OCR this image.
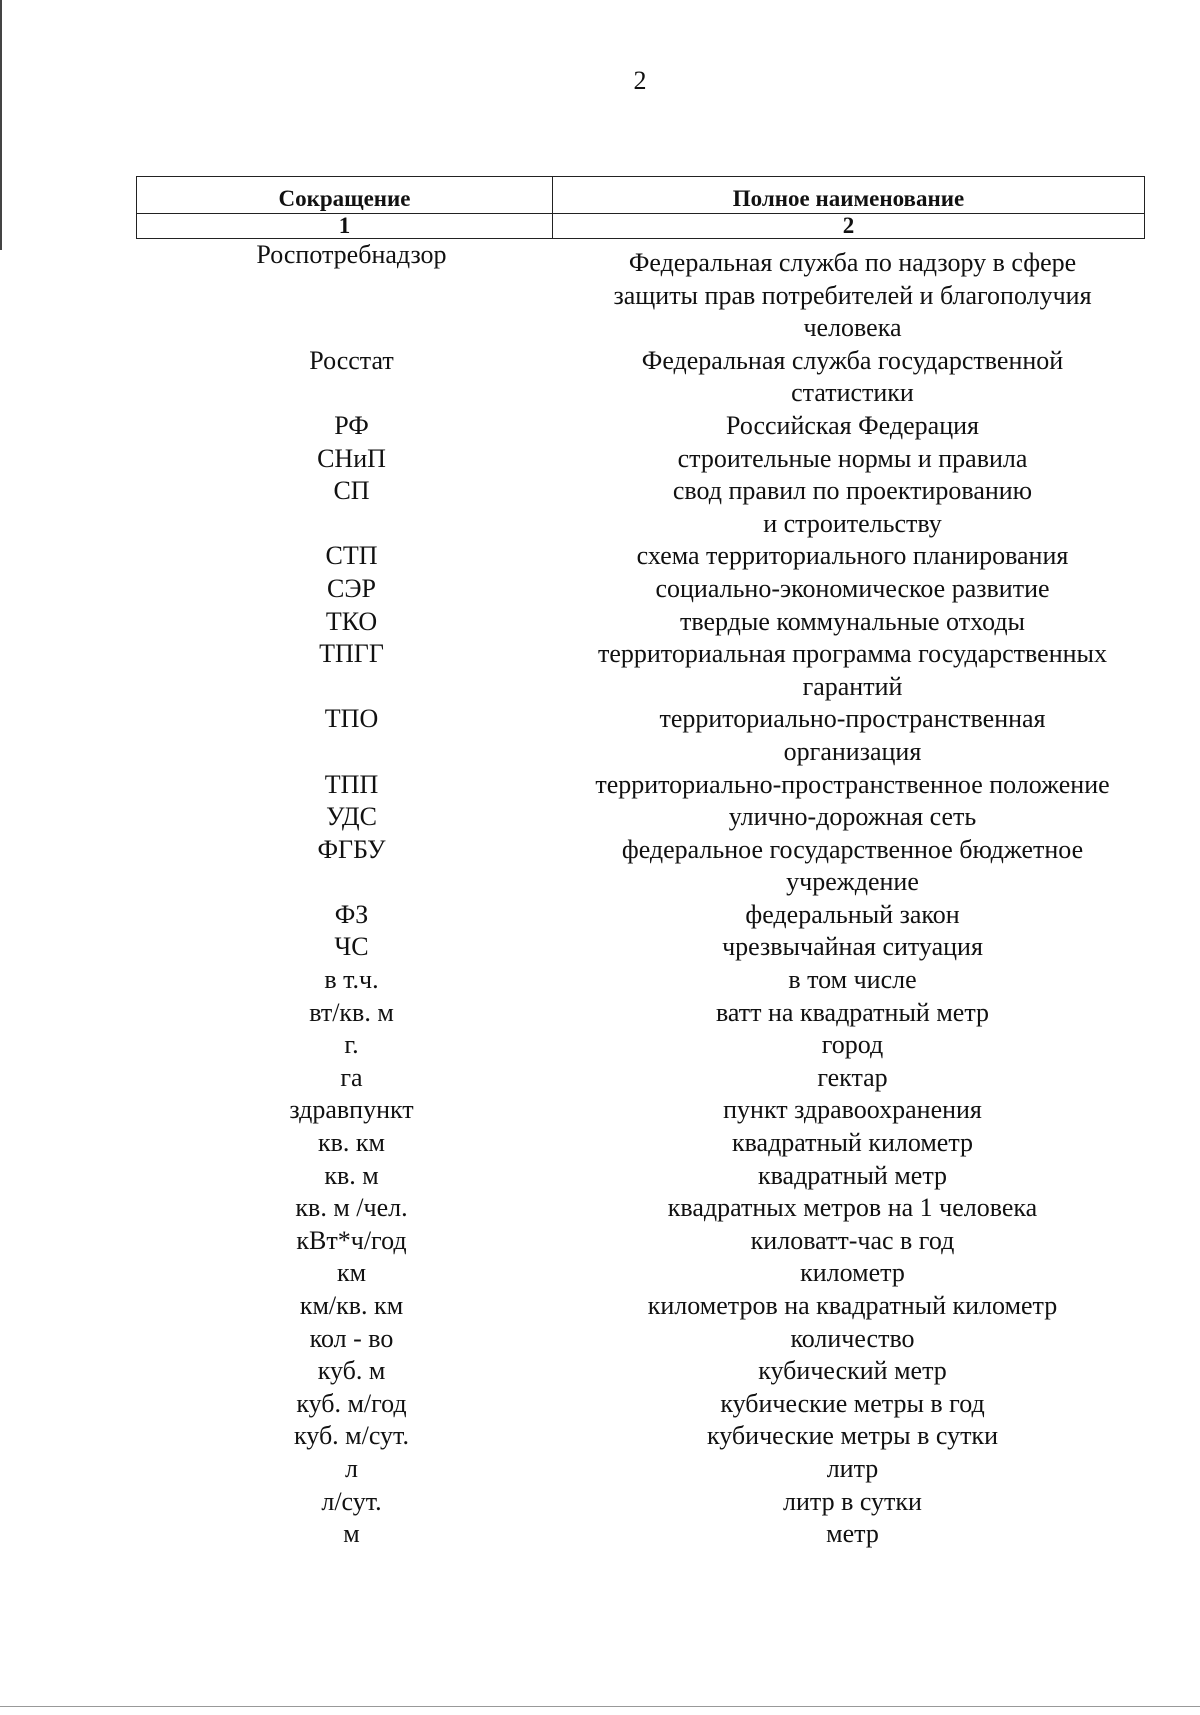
2
Сокращение	Полное наименование
1	2
Роспотребнадзор	Федеральная служба по надзору в сфере
защиты прав потребителей и благополучия
человека
Росстат	Федеральная служба государственной
статистики
РФ	Российская Федерация
СНиП	строительные нормы и правила
СП	свод правил по проектированию
и строительству
СТП	схема территориального планирования
СЭР	социально-экономическое развитие
ТКО	твердые коммунальные отходы
ТПГГ	территориальная программа государственных
гарантий
ТПО	территориально-пространственная
организация
ТПП	территориально-пространственное положение
УДС	улично-дорожная сеть
ФГБУ	федеральное государственное бюджетное
учреждение
ФЗ	федеральный закон
ЧС	чрезвычайная ситуация
в т.ч.	в том числе
вт/кв. м	ватт на квадратный метр
г.	город
га	гектар
здравпункт	пункт здравоохранения
кв. км	квадратный километр
кв. м	квадратный метр
кв. м /чел.	квадратных метров на 1 человека
кВт*ч/год	киловатт-час в год
км	километр
км/кв. км	километров на квадратный километр
кол - во	количество
куб. м	кубический метр
куб. м/год	кубические метры в год
куб. м/сут.	кубические метры в сутки
л	литр
л/сут.	литр в сутки
м	метр
